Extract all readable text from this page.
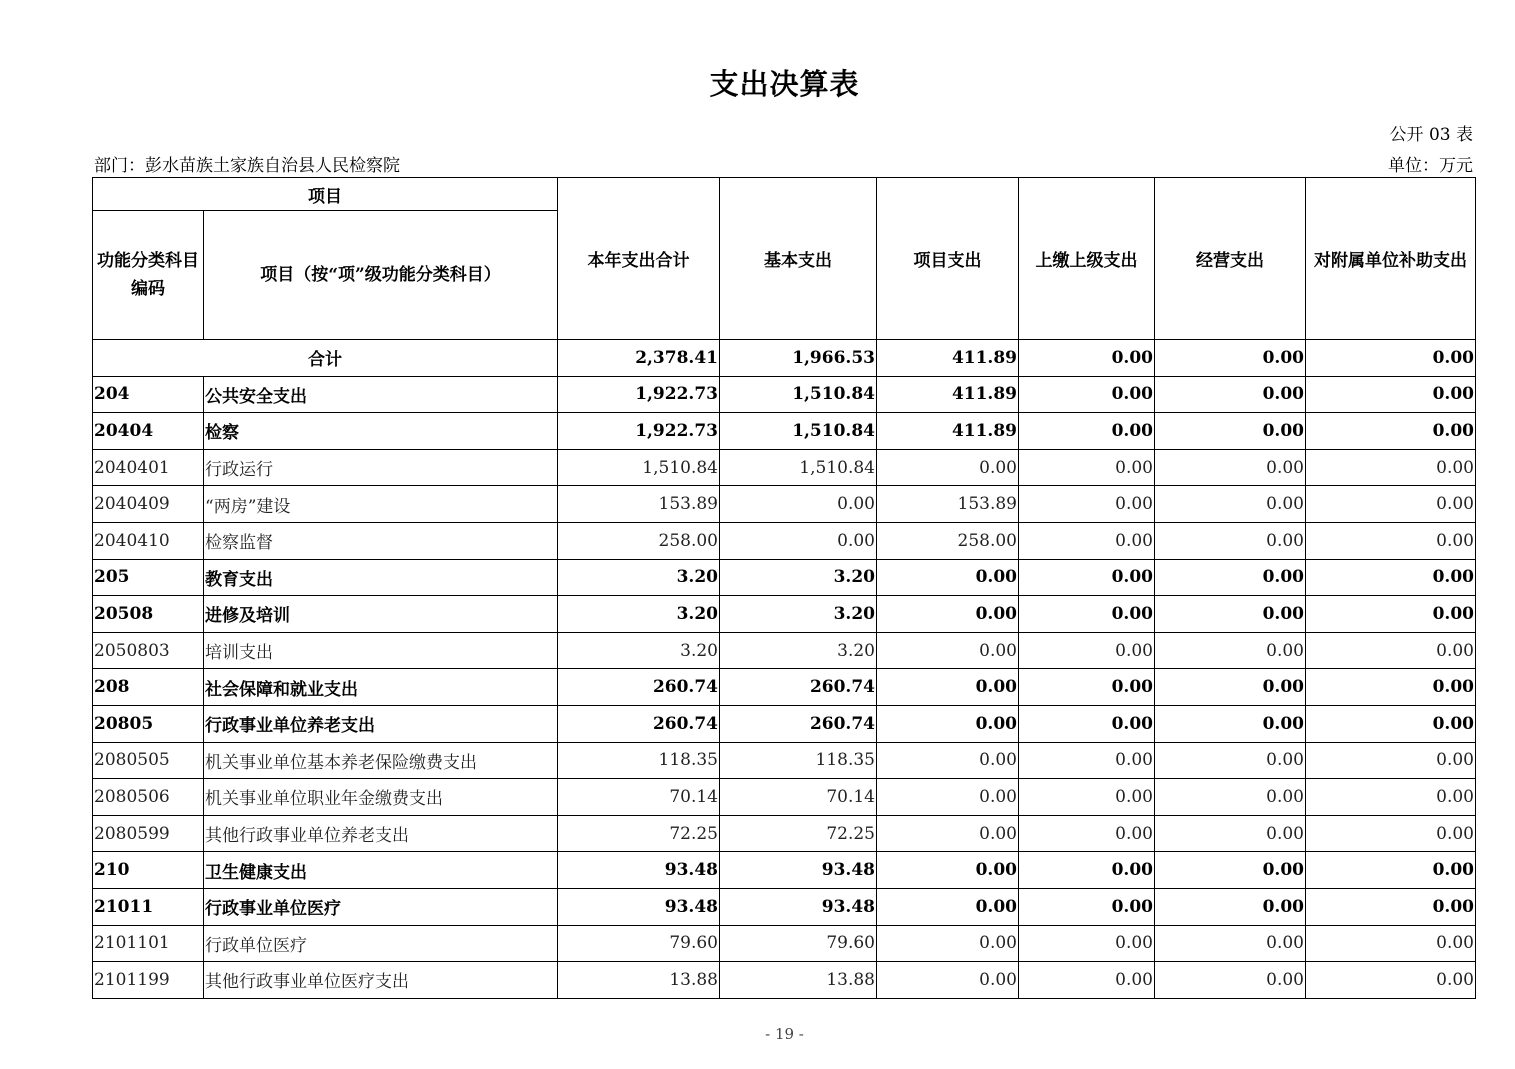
支出决算表
公开 03 表
部门：彭水苗族土家族自治县人民检察院	单位：万元
项目		本年支出合计	基本支出	项目支出	上缴上级支出	经营支出	对附属单位补助支出
功能分类科目编码	项目（按“项”级功能分类科目）						
合计		2,378.41	1,966.53	411.89	0.00	0.00	0.00
204	公共安全支出	1,922.73	1,510.84	411.89	0.00	0.00	0.00
20404	检察	1,922.73	1,510.84	411.89	0.00	0.00	0.00
2040401	行政运行	1,510.84	1,510.84	0.00	0.00	0.00	0.00
2040409	“两房”建设	153.89	0.00	153.89	0.00	0.00	0.00
2040410	检察监督	258.00	0.00	258.00	0.00	0.00	0.00
205	教育支出	3.20	3.20	0.00	0.00	0.00	0.00
20508	进修及培训	3.20	3.20	0.00	0.00	0.00	0.00
2050803	培训支出	3.20	3.20	0.00	0.00	0.00	0.00
208	社会保障和就业支出	260.74	260.74	0.00	0.00	0.00	0.00
20805	行政事业单位养老支出	260.74	260.74	0.00	0.00	0.00	0.00
2080505	机关事业单位基本养老保险缴费支出	118.35	118.35	0.00	0.00	0.00	0.00
2080506	机关事业单位职业年金缴费支出	70.14	70.14	0.00	0.00	0.00	0.00
2080599	其他行政事业单位养老支出	72.25	72.25	0.00	0.00	0.00	0.00
210	卫生健康支出	93.48	93.48	0.00	0.00	0.00	0.00
21011	行政事业单位医疗	93.48	93.48	0.00	0.00	0.00	0.00
2101101	行政单位医疗	79.60	79.60	0.00	0.00	0.00	0.00
2101199	其他行政事业单位医疗支出	13.88	13.88	0.00	0.00	0.00	0.00
- 19 -
